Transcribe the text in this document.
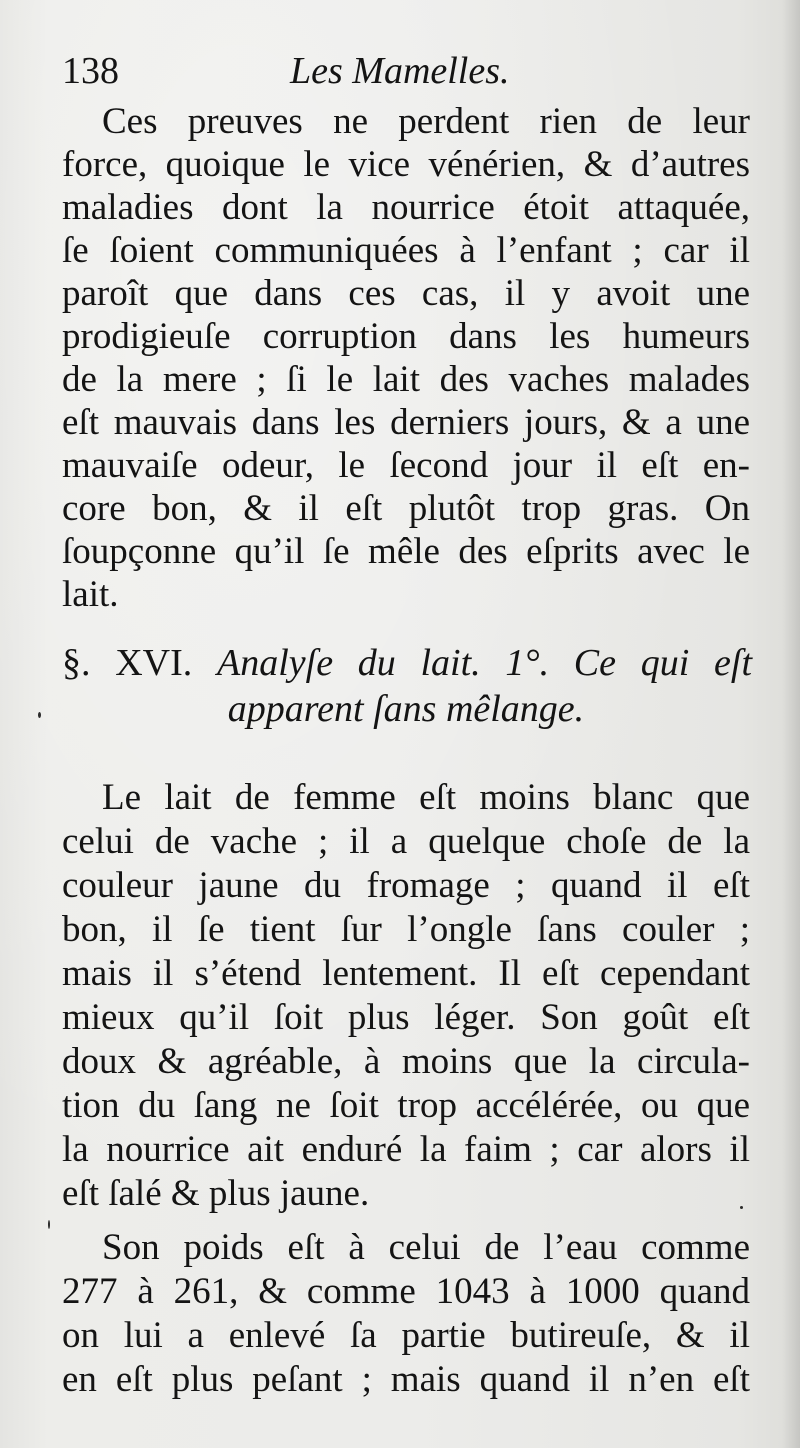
138	Les Mamelles.
Ces preuves ne perdent rien de leur
force, quoique le vice vénérien, & d’autres
maladies dont la nourrice étoit attaquée,
ſe ſoient communiquées à l’enfant ; car il
paroît que dans ces cas, il y avoit une
prodigieuſe corruption dans les humeurs
de la mere ; ſi le lait des vaches malades
eſt mauvais dans les derniers jours, & a une
mauvaiſe odeur, le ſecond jour il eſt en-
core bon, & il eſt plutôt trop gras. On
ſoupçonne qu’il ſe mêle des eſprits avec le
lait.
§. XVI. Analyſe du lait. 1°. Ce qui eſt
apparent ſans mêlange.
Le lait de femme eſt moins blanc que
celui de vache ; il a quelque choſe de la
couleur jaune du fromage ; quand il eſt
bon, il ſe tient ſur l’ongle ſans couler ;
mais il s’étend lentement. Il eſt cependant
mieux qu’il ſoit plus léger. Son goût eſt
doux & agréable, à moins que la circula-
tion du ſang ne ſoit trop accélérée, ou que
la nourrice ait enduré la faim ; car alors il
eſt ſalé & plus jaune.
Son poids eſt à celui de l’eau comme
277 à 261, & comme 1043 à 1000 quand
on lui a enlevé ſa partie butireuſe, & il
en eſt plus peſant ; mais quand il n’en eſt
